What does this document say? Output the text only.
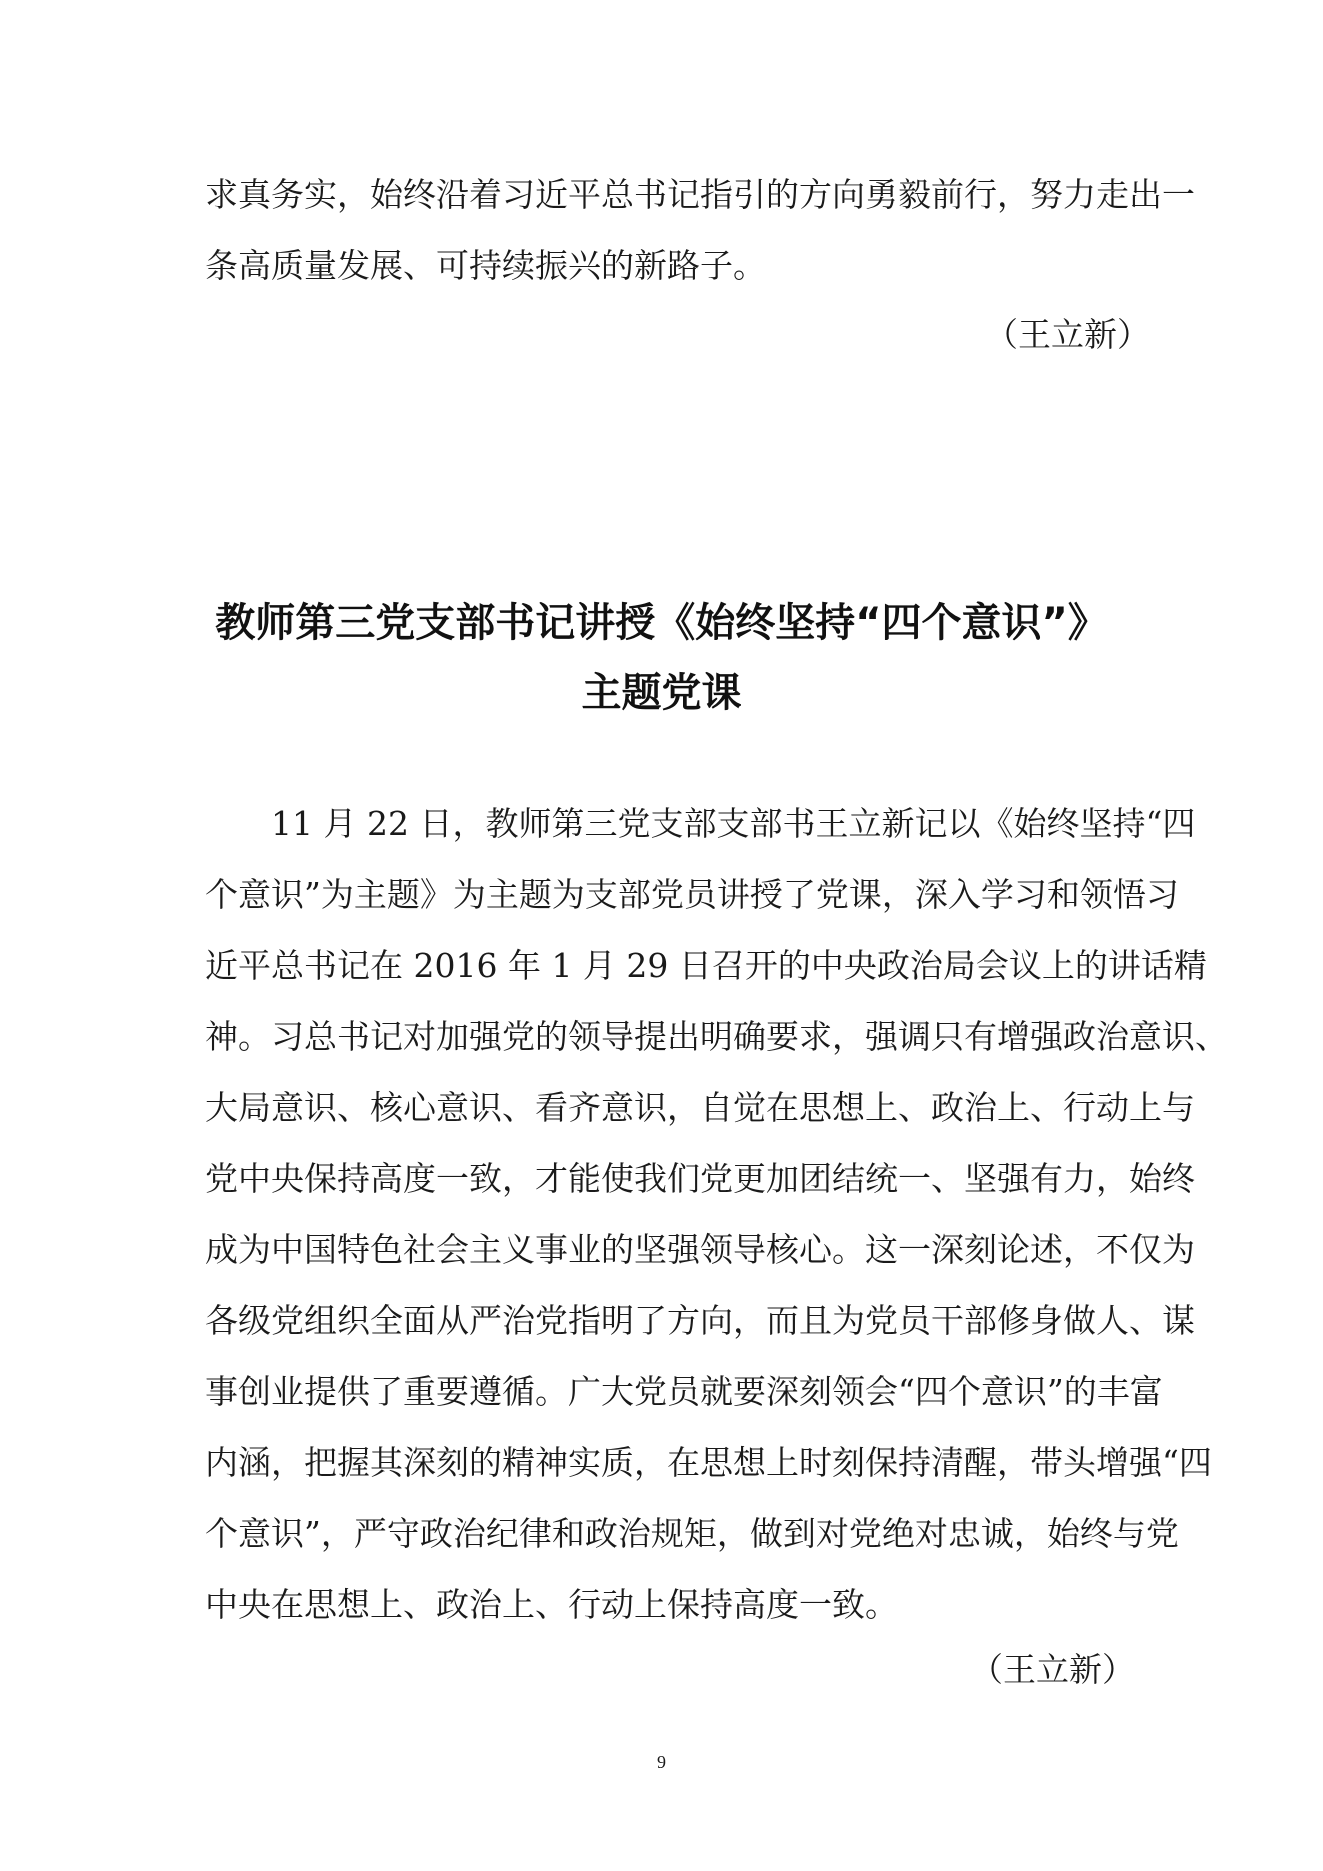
求真务实，始终沿着习近平总书记指引的方向勇毅前行，努力走出一
条高质量发展、可持续振兴的新路子。
（王立新）
教师第三党支部书记讲授《始终坚持“四个意识”》
主题党课
11 月 22 日，教师第三党支部支部书王立新记以《始终坚持“四
个意识”为主题》为主题为支部党员讲授了党课，深入学习和领悟习
近平总书记在 2016 年 1 月 29 日召开的中央政治局会议上的讲话精
神。习总书记对加强党的领导提出明确要求，强调只有增强政治意识、
大局意识、核心意识、看齐意识，自觉在思想上、政治上、行动上与
党中央保持高度一致，才能使我们党更加团结统一、坚强有力，始终
成为中国特色社会主义事业的坚强领导核心。这一深刻论述，不仅为
各级党组织全面从严治党指明了方向，而且为党员干部修身做人、谋
事创业提供了重要遵循。广大党员就要深刻领会“四个意识”的丰富
内涵，把握其深刻的精神实质，在思想上时刻保持清醒，带头增强“四
个意识”，严守政治纪律和政治规矩，做到对党绝对忠诚，始终与党
中央在思想上、政治上、行动上保持高度一致。
（王立新）
9
